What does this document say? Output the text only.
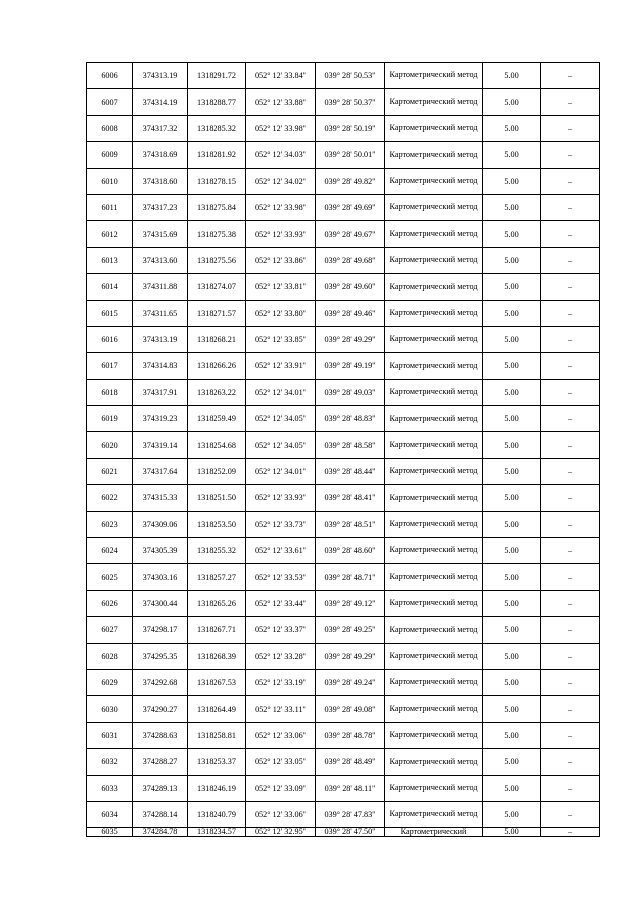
6006	374313.19	1318291.72	052° 12' 33.84"	039° 28' 50.53"	Картометрический метод	5.00	–
6007	374314.19	1318288.77	052° 12' 33.88"	039° 28' 50.37"	Картометрический метод	5.00	–
6008	374317.32	1318285.32	052° 12' 33.98"	039° 28' 50.19"	Картометрический метод	5.00	–
6009	374318.69	1318281.92	052° 12' 34.03"	039° 28' 50.01"	Картометрический метод	5.00	–
6010	374318.60	1318278.15	052° 12' 34.02"	039° 28' 49.82"	Картометрический метод	5.00	–
6011	374317.23	1318275.84	052° 12' 33.98"	039° 28' 49.69"	Картометрический метод	5.00	–
6012	374315.69	1318275.38	052° 12' 33.93"	039° 28' 49.67"	Картометрический метод	5.00	–
6013	374313.60	1318275.56	052° 12' 33.86"	039° 28' 49.68"	Картометрический метод	5.00	–
6014	374311.88	1318274.07	052° 12' 33.81"	039° 28' 49.60"	Картометрический метод	5.00	–
6015	374311.65	1318271.57	052° 12' 33.80"	039° 28' 49.46"	Картометрический метод	5.00	–
6016	374313.19	1318268.21	052° 12' 33.85"	039° 28' 49.29"	Картометрический метод	5.00	–
6017	374314.83	1318266.26	052° 12' 33.91"	039° 28' 49.19"	Картометрический метод	5.00	–
6018	374317.91	1318263.22	052° 12' 34.01"	039° 28' 49.03"	Картометрический метод	5.00	–
6019	374319.23	1318259.49	052° 12' 34.05"	039° 28' 48.83"	Картометрический метод	5.00	–
6020	374319.14	1318254.68	052° 12' 34.05"	039° 28' 48.58"	Картометрический метод	5.00	–
6021	374317.64	1318252.09	052° 12' 34.01"	039° 28' 48.44"	Картометрический метод	5.00	–
6022	374315.33	1318251.50	052° 12' 33.93"	039° 28' 48.41"	Картометрический метод	5.00	–
6023	374309.06	1318253.50	052° 12' 33.73"	039° 28' 48.51"	Картометрический метод	5.00	–
6024	374305.39	1318255.32	052° 12' 33.61"	039° 28' 48.60"	Картометрический метод	5.00	–
6025	374303.16	1318257.27	052° 12' 33.53"	039° 28' 48.71"	Картометрический метод	5.00	–
6026	374300.44	1318265.26	052° 12' 33.44"	039° 28' 49.12"	Картометрический метод	5.00	–
6027	374298.17	1318267.71	052° 12' 33.37"	039° 28' 49.25"	Картометрический метод	5.00	–
6028	374295.35	1318268.39	052° 12' 33.28"	039° 28' 49.29"	Картометрический метод	5.00	–
6029	374292.68	1318267.53	052° 12' 33.19"	039° 28' 49.24"	Картометрический метод	5.00	–
6030	374290.27	1318264.49	052° 12' 33.11"	039° 28' 49.08"	Картометрический метод	5.00	–
6031	374288.63	1318258.81	052° 12' 33.06"	039° 28' 48.78"	Картометрический метод	5.00	–
6032	374288.27	1318253.37	052° 12' 33.05"	039° 28' 48.49"	Картометрический метод	5.00	–
6033	374289.13	1318246.19	052° 12' 33.09"	039° 28' 48.11"	Картометрический метод	5.00	–
6034	374288.14	1318240.79	052° 12' 33.06"	039° 28' 47.83"	Картометрический метод	5.00	–
6035	374284.78	1318234.57	052° 12' 32.95"	039° 28' 47.50"	Картометрический	5.00	–
